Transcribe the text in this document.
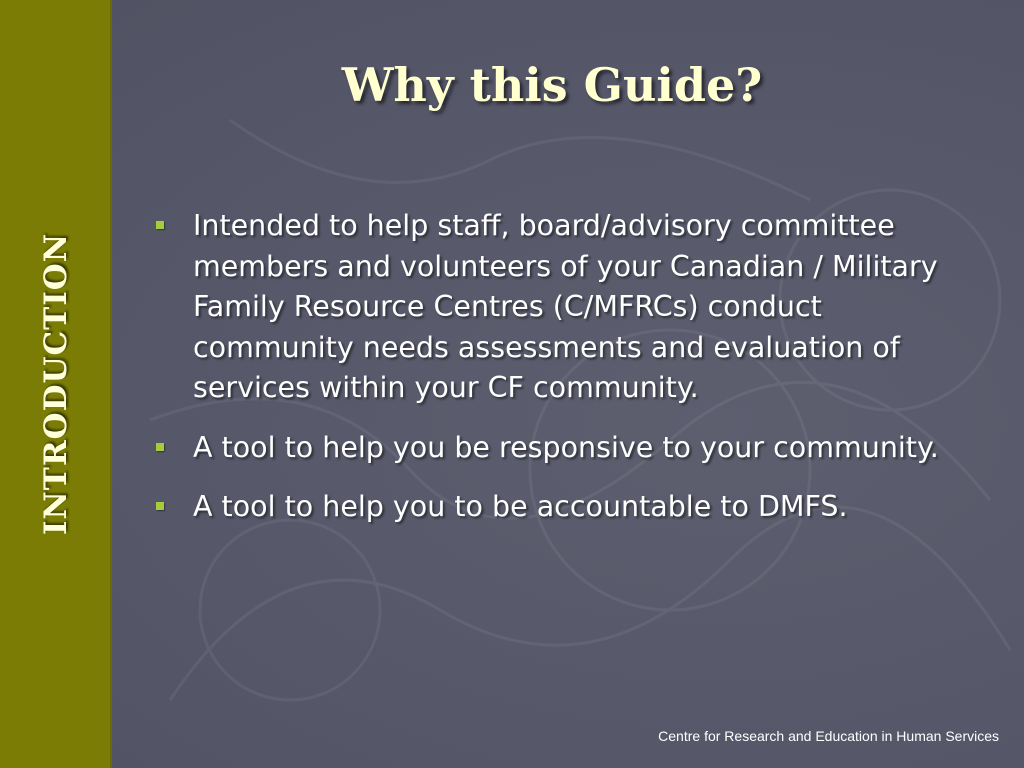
INTRODUCTION
Why this Guide?
Intended to help staff, board/advisory committee members and volunteers of your Canadian / Military Family Resource Centres (C/MFRCs) conduct community needs assessments and evaluation of services within your CF community.
A tool to help you be responsive to your community.
A tool to help you to be accountable to DMFS.
Centre for Research and Education in Human Services
